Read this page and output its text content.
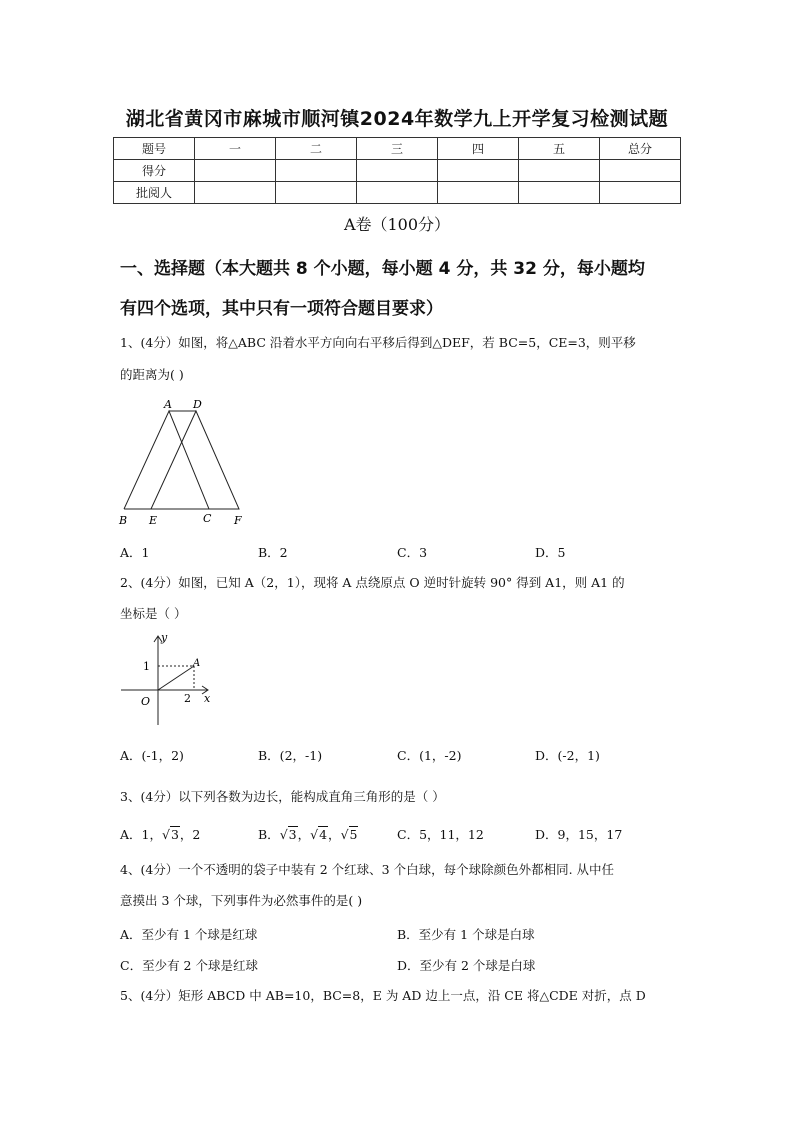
湖北省黄冈市麻城市顺河镇2024年数学九上开学复习检测试题
题号	一	二	三	四	五	总分
得分						
批阅人						
A卷（100分）
一、选择题（本大题共 8 个小题，每小题 4 分，共 32 分，每小题均
有四个选项，其中只有一项符合题目要求）
1、(4分）如图，将△ABC 沿着水平方向向右平移后得到△DEF，若 BC=5，CE=3，则平移
的距离为( )
A D
B E	C F
A．1	B．2	C．3	D．5
2、(4分）如图，已知 A（2，1），现将 A 点绕原点 O 逆时针旋转 90° 得到 A1，则 A1 的
坐标是（ ）
y
1	A
O	2 x
A．(-1，2)	B．(2，-1)	C．(1，-2)	D．(-2，1)
3、(4分）以下列各数为边长，能构成直角三角形的是（ ）
A．1，√3，2	B．√3，√4，√5	C．5，11，12	D．9，15，17
4、(4分）一个不透明的袋子中装有 2 个红球、3 个白球，每个球除颜色外都相同. 从中任
意摸出 3 个球，下列事件为必然事件的是( )
A．至少有 1 个球是红球	B．至少有 1 个球是白球
C．至少有 2 个球是红球	D．至少有 2 个球是白球
5、(4分）矩形 ABCD 中 AB=10，BC=8，E 为 AD 边上一点，沿 CE 将△CDE 对折，点 D
